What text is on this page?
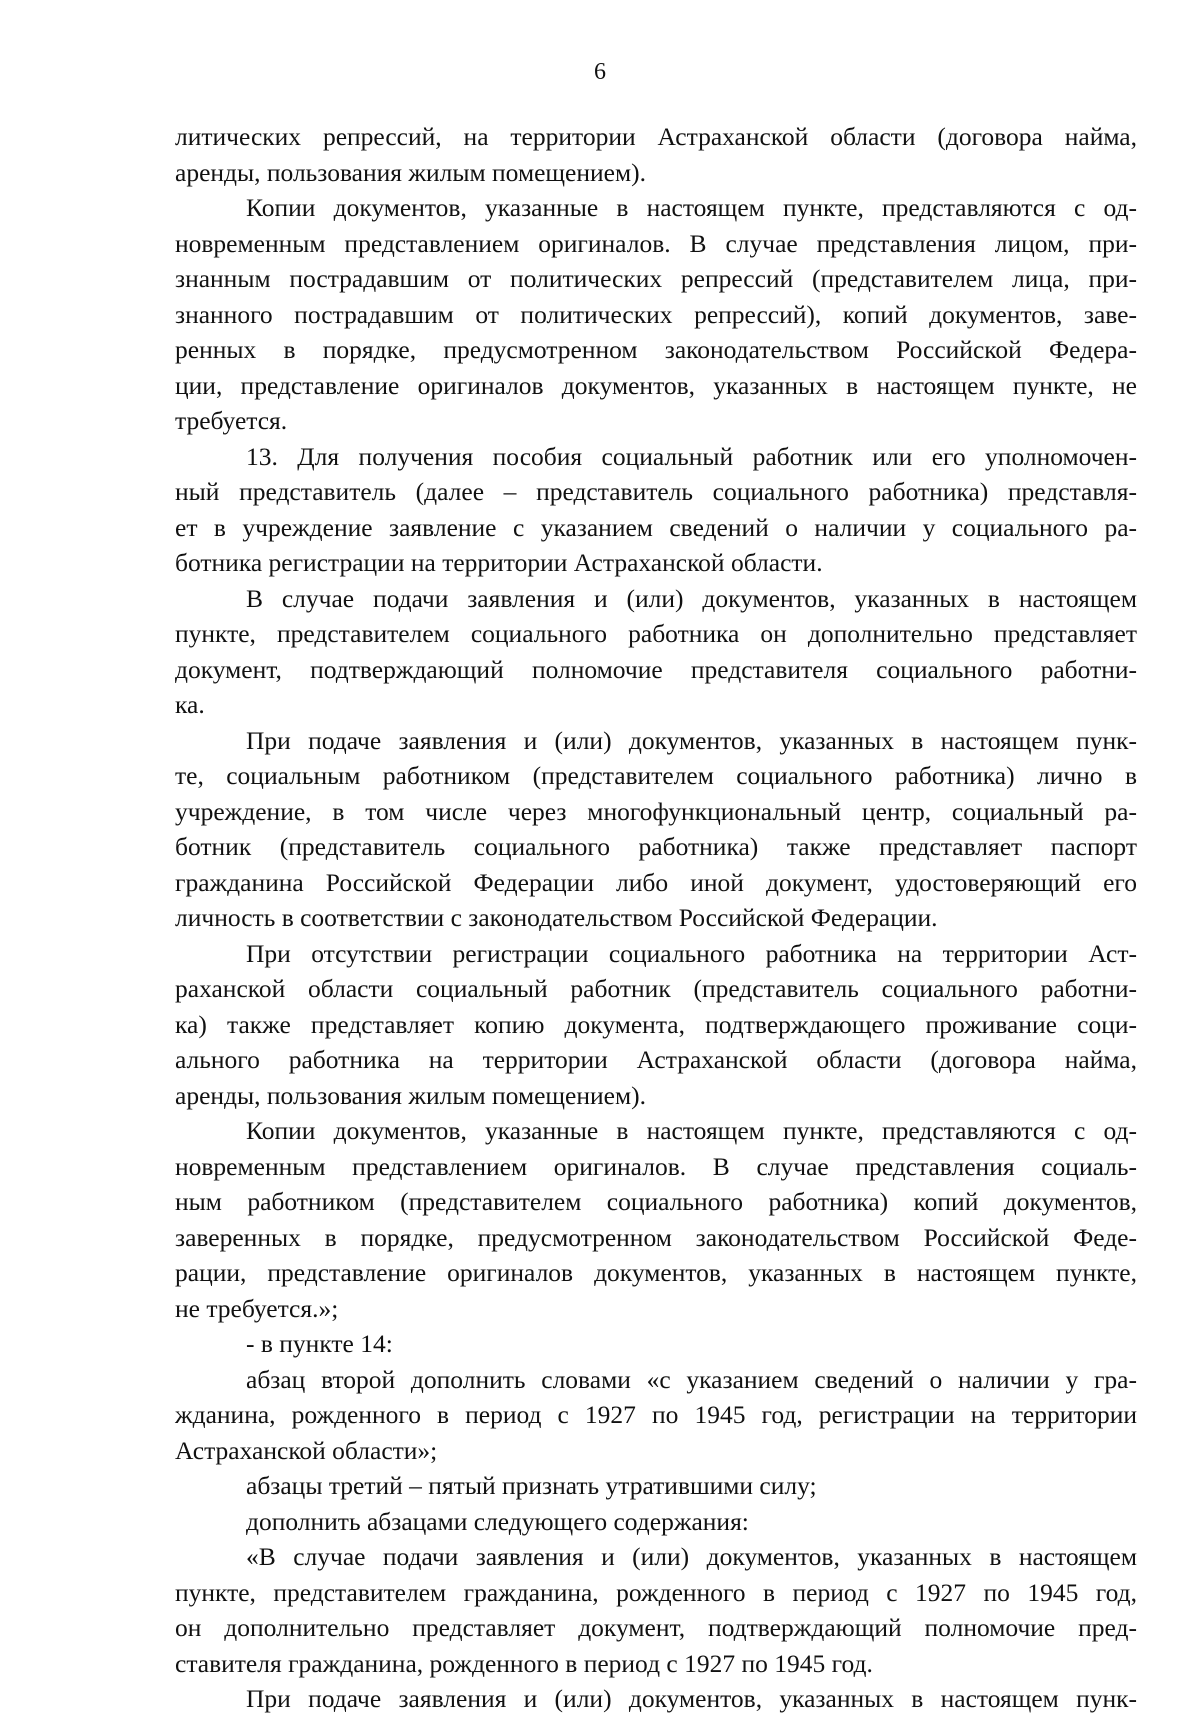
6
литических репрессий, на территории Астраханской области (договора найма,
аренды, пользования жилым помещением).
Копии документов, указанные в настоящем пункте, представляются с од-
новременным представлением оригиналов. В случае представления лицом, при-
знанным пострадавшим от политических репрессий (представителем лица, при-
знанного пострадавшим от политических репрессий), копий документов, заве-
ренных в порядке, предусмотренном законодательством Российской Федера-
ции, представление оригиналов документов, указанных в настоящем пункте, не
требуется.
13. Для получения пособия социальный работник или его уполномочен-
ный представитель (далее – представитель социального работника) представля-
ет в учреждение заявление с указанием сведений о наличии у социального ра-
ботника регистрации на территории Астраханской области.
В случае подачи заявления и (или) документов, указанных в настоящем
пункте, представителем социального работника он дополнительно представляет
документ, подтверждающий полномочие представителя социального работни-
ка.
При подаче заявления и (или) документов, указанных в настоящем пунк-
те, социальным работником (представителем социального работника) лично в
учреждение, в том числе через многофункциональный центр, социальный ра-
ботник (представитель социального работника) также представляет паспорт
гражданина Российской Федерации либо иной документ, удостоверяющий его
личность в соответствии с законодательством Российской Федерации.
При отсутствии регистрации социального работника на территории Аст-
раханской области социальный работник (представитель социального работни-
ка) также представляет копию документа, подтверждающего проживание соци-
ального работника на территории Астраханской области (договора найма,
аренды, пользования жилым помещением).
Копии документов, указанные в настоящем пункте, представляются с од-
новременным представлением оригиналов. В случае представления социаль-
ным работником (представителем социального работника) копий документов,
заверенных в порядке, предусмотренном законодательством Российской Феде-
рации, представление оригиналов документов, указанных в настоящем пункте,
не требуется.»;
- в пункте 14:
абзац второй дополнить словами «с указанием сведений о наличии у гра-
жданина, рожденного в период с 1927 по 1945 год, регистрации на территории
Астраханской области»;
абзацы третий – пятый признать утратившими силу;
дополнить абзацами следующего содержания:
«В случае подачи заявления и (или) документов, указанных в настоящем
пункте, представителем гражданина, рожденного в период с 1927 по 1945 год,
он дополнительно представляет документ, подтверждающий полномочие пред-
ставителя гражданина, рожденного в период с 1927 по 1945 год.
При подаче заявления и (или) документов, указанных в настоящем пунк-
